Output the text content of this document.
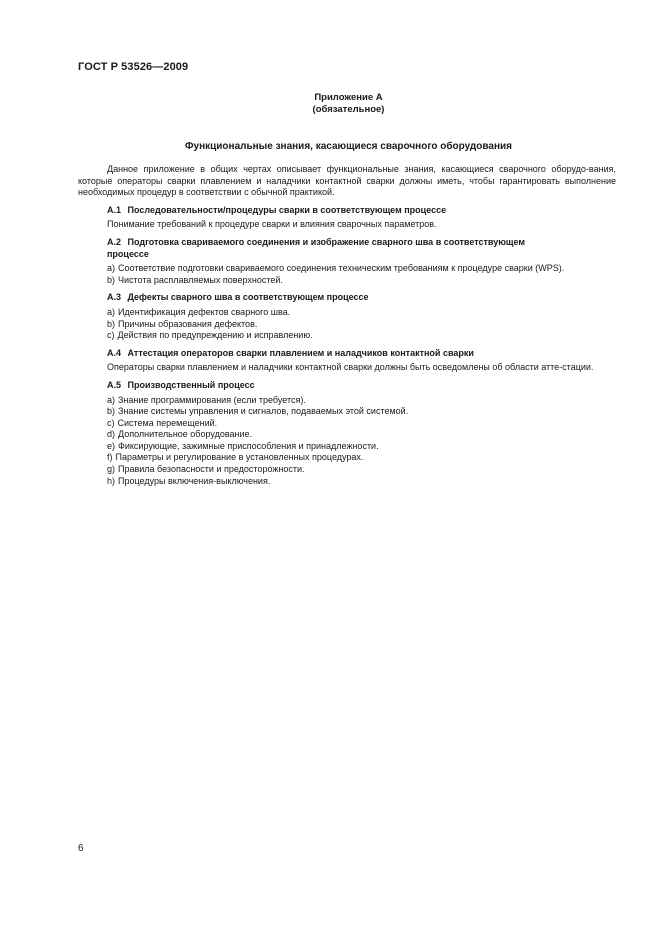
ГОСТ Р 53526—2009
Приложение А
(обязательное)
Функциональные знания, касающиеся сварочного оборудования

Данное приложение в общих чертах описывает функциональные знания, касающиеся сварочного оборудо-вания, которые операторы сварки плавлением и наладчики контактной сварки должны иметь, чтобы гарантировать выполнение необходимых процедур в соответствии с обычной практикой.

А.1 Последовательности/процедуры сварки в соответствующем процессе

Понимание требований к процедуре сварки и влияния сварочных параметров.

А.2 Подготовка свариваемого соединения и изображение сварного шва в соответствующем
процессе

a) Соответствие подготовки свариваемого соединения техническим требованиям к процедуре сварки (WPS).

b) Чистота расплавляемых поверхностей.

А.3 Дефекты сварного шва в соответствующем процессе

a) Идентификация дефектов сварного шва.

b) Причины образования дефектов.

c) Действия по предупреждению и исправлению.

А.4 Аттестация операторов сварки плавлением и наладчиков контактной сварки

Операторы сварки плавлением и наладчики контактной сварки должны быть осведомлены об области атте-стации.

А.5 Производственный процесс

a) Знание программирования (если требуется).

b) Знание системы управления и сигналов, подаваемых этой системой.

c) Система перемещений.

d) Дополнительное оборудование.

e) Фиксирующие, зажимные приспособления и принадлежности.

f) Параметры и регулирование в установленных процедурах.

g) Правила безопасности и предосторожности.

h) Процедуры включения-выключения.

6
